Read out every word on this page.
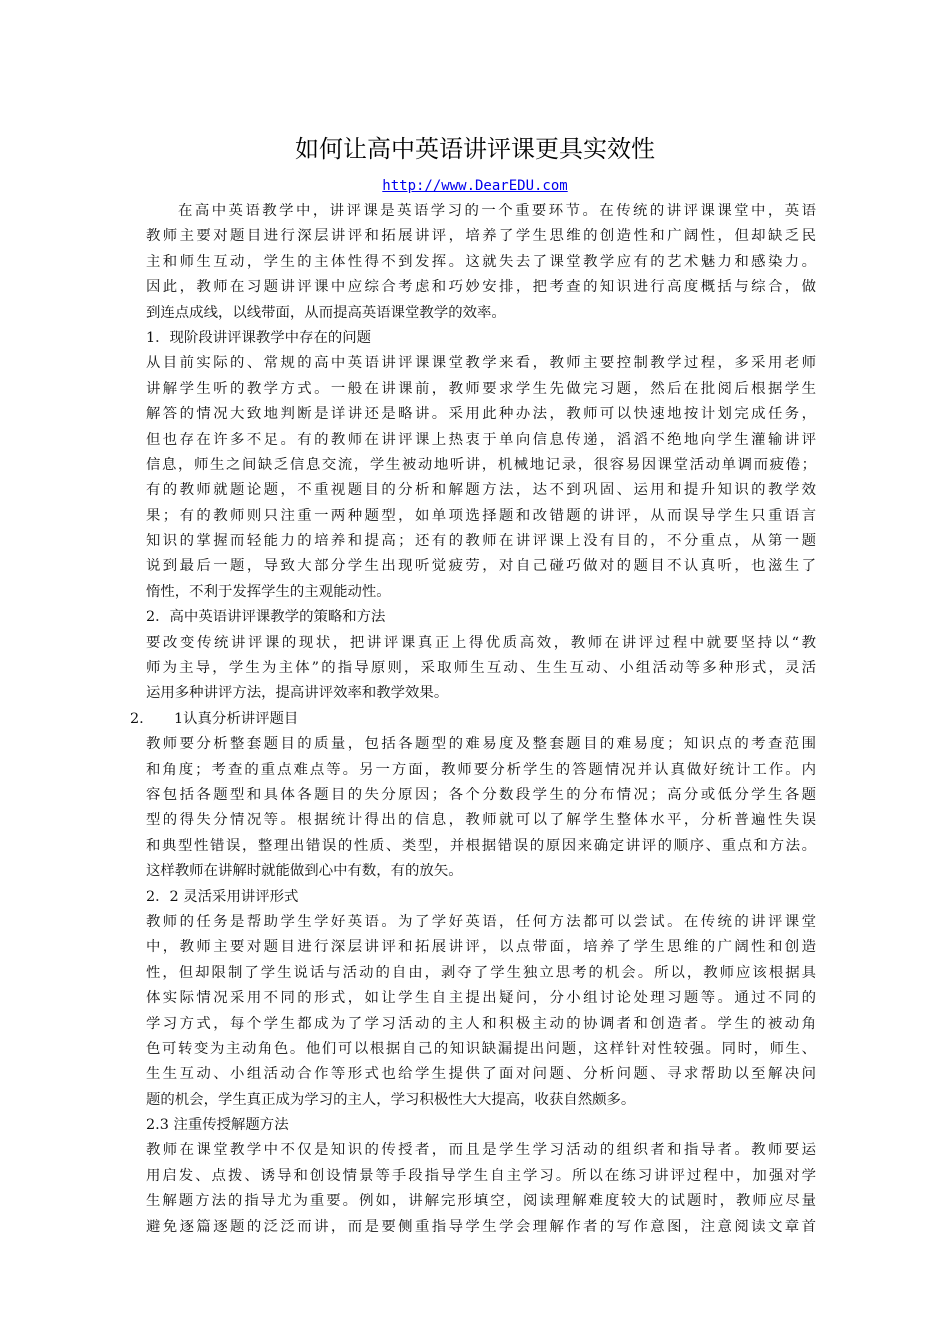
如何让高中英语讲评课更具实效性
http://www.DearEDU.com
在高中英语教学中，讲评课是英语学习的一个重要环节。在传统的讲评课课堂中，英语
教师主要对题目进行深层讲评和拓展讲评，培养了学生思维的创造性和广阔性，但却缺乏民
主和师生互动，学生的主体性得不到发挥。这就失去了课堂教学应有的艺术魅力和感染力。
因此，教师在习题讲评课中应综合考虑和巧妙安排，把考查的知识进行高度概括与综合，做
到连点成线，以线带面，从而提高英语课堂教学的效率。
1．现阶段讲评课教学中存在的问题
从目前实际的、常规的高中英语讲评课课堂教学来看，教师主要控制教学过程，多采用老师
讲解学生听的教学方式。一般在讲课前，教师要求学生先做完习题，然后在批阅后根据学生
解答的情况大致地判断是详讲还是略讲。采用此种办法，教师可以快速地按计划完成任务，
但也存在许多不足。有的教师在讲评课上热衷于单向信息传递，滔滔不绝地向学生灌输讲评
信息，师生之间缺乏信息交流，学生被动地听讲，机械地记录，很容易因课堂活动单调而疲倦；
有的教师就题论题，不重视题目的分析和解题方法，达不到巩固、运用和提升知识的教学效
果；有的教师则只注重一两种题型，如单项选择题和改错题的讲评，从而误导学生只重语言
知识的掌握而轻能力的培养和提高；还有的教师在讲评课上没有目的，不分重点，从第一题
说到最后一题，导致大部分学生出现听觉疲劳，对自己碰巧做对的题目不认真听，也滋生了
惰性，不利于发挥学生的主观能动性。
2．高中英语讲评课教学的策略和方法
要改变传统讲评课的现状，把讲评课真正上得优质高效，教师在讲评过程中就要坚持以“教
师为主导，学生为主体”的指导原则，采取师生互动、生生互动、小组活动等多种形式，灵活
运用多种讲评方法，提高讲评效率和教学效果。
2. 1认真分析讲评题目
教师要分析整套题目的质量，包括各题型的难易度及整套题目的难易度；知识点的考查范围
和角度；考查的重点难点等。另一方面，教师要分析学生的答题情况并认真做好统计工作。内
容包括各题型和具体各题目的失分原因；各个分数段学生的分布情况；高分或低分学生各题
型的得失分情况等。根据统计得出的信息，教师就可以了解学生整体水平，分析普遍性失误
和典型性错误，整理出错误的性质、类型，并根据错误的原因来确定讲评的顺序、重点和方法。
这样教师在讲解时就能做到心中有数，有的放矢。
2．2 灵活采用讲评形式
教师的任务是帮助学生学好英语。为了学好英语，任何方法都可以尝试。在传统的讲评课堂
中，教师主要对题目进行深层讲评和拓展讲评，以点带面，培养了学生思维的广阔性和创造
性，但却限制了学生说话与活动的自由，剥夺了学生独立思考的机会。所以，教师应该根据具
体实际情况采用不同的形式，如让学生自主提出疑问，分小组讨论处理习题等。通过不同的
学习方式，每个学生都成为了学习活动的主人和积极主动的协调者和创造者。学生的被动角
色可转变为主动角色。他们可以根据自己的知识缺漏提出问题，这样针对性较强。同时，师生、
生生互动、小组活动合作等形式也给学生提供了面对问题、分析问题、寻求帮助以至解决问
题的机会，学生真正成为学习的主人，学习积极性大大提高，收获自然颇多。
2.3 注重传授解题方法
教师在课堂教学中不仅是知识的传授者，而且是学生学习活动的组织者和指导者。教师要运
用启发、点拨、诱导和创设情景等手段指导学生自主学习。所以在练习讲评过程中，加强对学
生解题方法的指导尤为重要。例如，讲解完形填空，阅读理解难度较大的试题时，教师应尽量
避免逐篇逐题的泛泛而讲，而是要侧重指导学生学会理解作者的写作意图，注意阅读文章首
